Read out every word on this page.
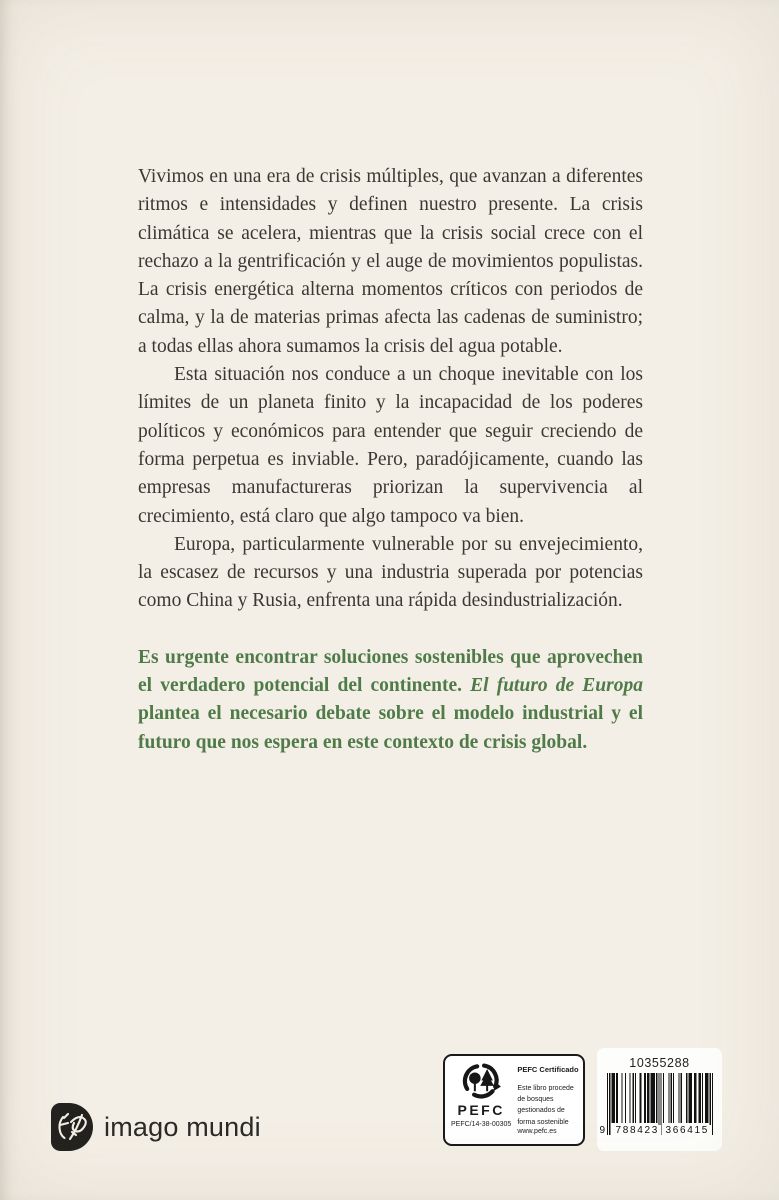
Vivimos en una era de crisis múltiples, que avanzan a diferentes ritmos e intensidades y definen nuestro presente. La crisis climática se acelera, mientras que la crisis social crece con el rechazo a la gentrificación y el auge de movimientos populistas. La crisis energética alterna momentos críticos con periodos de calma, y la de materias primas afecta las cadenas de suministro; a todas ellas ahora sumamos la crisis del agua potable.

Esta situación nos conduce a un choque inevitable con los límites de un planeta finito y la incapacidad de los poderes políticos y económicos para entender que seguir creciendo de forma perpetua es inviable. Pero, paradójicamente, cuando las empresas manufactureras priorizan la supervivencia al crecimiento, está claro que algo tampoco va bien.

Europa, particularmente vulnerable por su envejecimiento, la escasez de recursos y una industria superada por potencias como China y Rusia, enfrenta una rápida desindustrialización.

Es urgente encontrar soluciones sostenibles que aprovechen el verdadero potencial del continente. El futuro de Europa plantea el necesario debate sobre el modelo industrial y el futuro que nos espera en este contexto de crisis global.

imago mundi
PEFC
PEFC/14-38-00305
PEFC Certificado
Este libro procede de bosques gestionados de forma sostenible
www.pefc.es
10355288
9 788423 366415
